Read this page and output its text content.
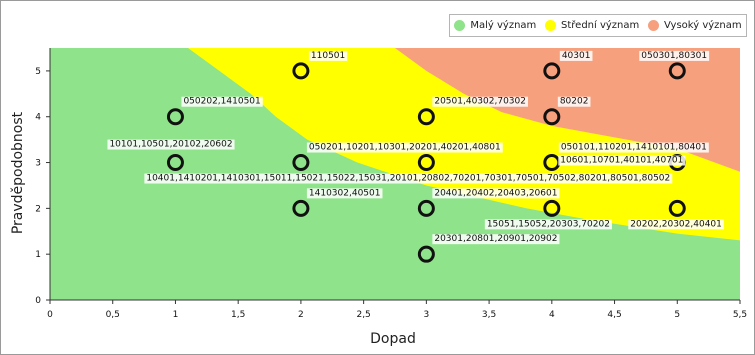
0	0,5	1	1,5	2	2,5	3	3,5	4	4,5	5	5,5
0
1
2
3
4
5
110501	40301	050301,80301
050202,1410501	20501,40302,70302	80202
10101,10501,20102,20602	050201,10201,10301,20201,40201,40801
10401,1410201,1410301,15011,15021,15022,15031,20101,20802,70201,70301,70501,70502,80201,80501,80502
050101,110201,1410101,80401
10601,10701,40101,40701
1410302,40501	20401,20402,20403,20601
15051,15052,20303,70202 20202,20302,40401
20301,20801,20901,20902
Dopad
Pravděpodobnost
Malý význam Střední význam Vysoký význam
